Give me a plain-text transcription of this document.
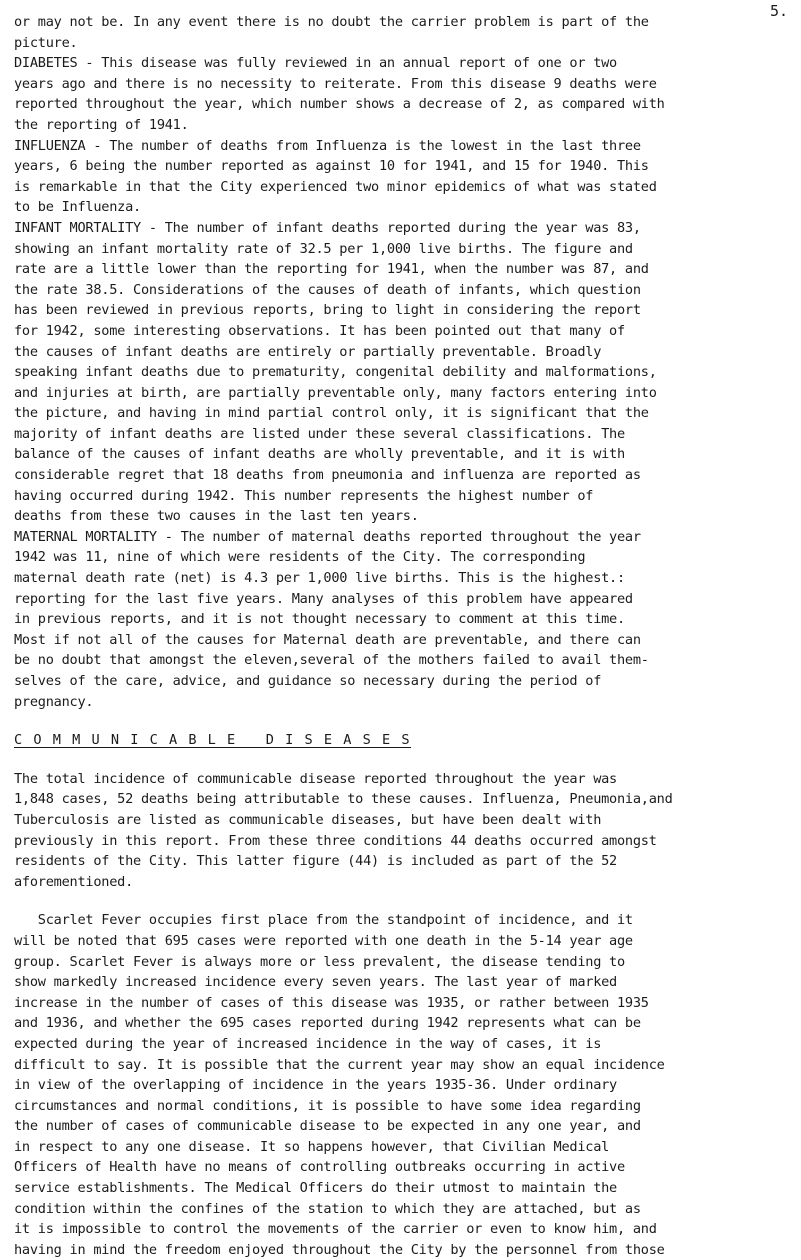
5.
or may not be. In any event there is no doubt the carrier problem is part of the
picture.
DIABETES - This disease was fully reviewed in an annual report of one or two
years ago and there is no necessity to reiterate. From this disease 9 deaths were
reported throughout the year, which number shows a decrease of 2, as compared with
the reporting of 1941.
INFLUENZA - The number of deaths from Influenza is the lowest in the last three
years, 6 being the number reported as against 10 for 1941, and 15 for 1940. This
is remarkable in that the City experienced two minor epidemics of what was stated
to be Influenza.
INFANT MORTALITY - The number of infant deaths reported during the year was 83,
showing an infant mortality rate of 32.5 per 1,000 live births. The figure and
rate are a little lower than the reporting for 1941, when the number was 87, and
the rate 38.5. Considerations of the causes of death of infants, which question
has been reviewed in previous reports, bring to light in considering the report
for 1942, some interesting observations. It has been pointed out that many of
the causes of infant deaths are entirely or partially preventable. Broadly
speaking infant deaths due to prematurity, congenital debility and malformations,
and injuries at birth, are partially preventable only, many factors entering into
the picture, and having in mind partial control only, it is significant that the
majority of infant deaths are listed under these several classifications. The
balance of the causes of infant deaths are wholly preventable, and it is with
considerable regret that 18 deaths from pneumonia and influenza are reported as
having occurred during 1942. This number represents the highest number of
deaths from these two causes in the last ten years.
MATERNAL MORTALITY - The number of maternal deaths reported throughout the year
1942 was 11, nine of which were residents of the City. The corresponding
maternal death rate (net) is 4.3 per 1,000 live births. This is the highest.:
reporting for the last five years. Many analyses of this problem have appeared
in previous reports, and it is not thought necessary to comment at this time.
Most if not all of the causes for Maternal death are preventable, and there can
be no doubt that amongst the eleven,several of the mothers failed to avail them-
selves of the care, advice, and guidance so necessary during the period of
pregnancy.
C O M M U N I C A B L E   D I S E A S E S
The total incidence of communicable disease reported throughout the year was
1,848 cases, 52 deaths being attributable to these causes. Influenza, Pneumonia,and
Tuberculosis are listed as communicable diseases, but have been dealt with
previously in this report. From these three conditions 44 deaths occurred amongst
residents of the City. This latter figure (44) is included as part of the 52
aforementioned.
Scarlet Fever occupies first place from the standpoint of incidence, and it
will be noted that 695 cases were reported with one death in the 5-14 year age
group. Scarlet Fever is always more or less prevalent, the disease tending to
show markedly increased incidence every seven years. The last year of marked
increase in the number of cases of this disease was 1935, or rather between 1935
and 1936, and whether the 695 cases reported during 1942 represents what can be
expected during the year of increased incidence in the way of cases, it is
difficult to say. It is possible that the current year may show an equal incidence
in view of the overlapping of incidence in the years 1935-36. Under ordinary
circumstances and normal conditions, it is possible to have some idea regarding
the number of cases of communicable disease to be expected in any one year, and
in respect to any one disease. It so happens however, that Civilian Medical
Officers of Health have no means of controlling outbreaks occurring in active
service establishments. The Medical Officers do their utmost to maintain the
condition within the confines of the station to which they are attached, but as
it is impossible to control the movements of the carrier or even to know him, and
having in mind the freedom enjoyed throughout the City by the personnel from those
